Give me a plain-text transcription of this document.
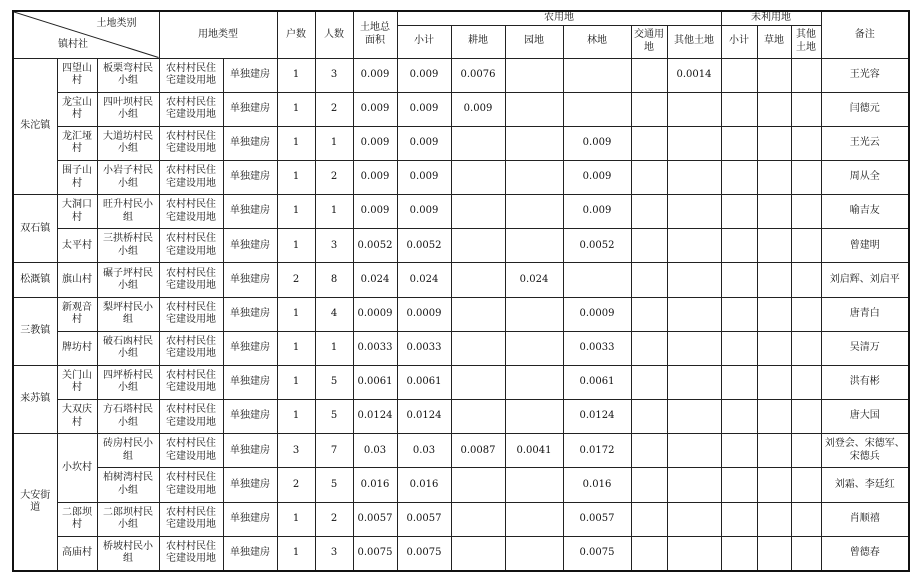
土地类别
镇村社			用地类型		户数	人数	土地总面积	农用地						未利用地			备注
								小计	耕地	园地	林地	交通用地	其他土地	小计	草地	其他土地	
朱沱镇	四望山村	板栗弯村民小组	农村村民住宅建设用地	单独建房	1	3	0.009	0.009	0.0076				0.0014				王光容
	龙宝山村	四叶坝村民小组	农村村民住宅建设用地	单独建房	1	2	0.009	0.009	0.009								闫德元
	龙汇垭村	大道坊村民小组	农村村民住宅建设用地	单独建房	1	1	0.009	0.009			0.009						王光云
	围子山村	小岩子村民小组	农村村民住宅建设用地	单独建房	1	2	0.009	0.009			0.009						周从全
双石镇	大洞口村	旺升村民小组	农村村民住宅建设用地	单独建房	1	1	0.009	0.009			0.009						喻吉友
	太平村	三拱桥村民小组	农村村民住宅建设用地	单独建房	1	3	0.0052	0.0052			0.0052						曾建明
松溉镇	旗山村	碾子坪村民小组	农村村民住宅建设用地	单独建房	2	8	0.024	0.024		0.024							刘启辉、刘启平
三教镇	新观音村	梨坪村民小组	农村村民住宅建设用地	单独建房	1	4	0.0009	0.0009			0.0009						唐青白
	牌坊村	破石凼村民小组	农村村民住宅建设用地	单独建房	1	1	0.0033	0.0033			0.0033						吴清万
来苏镇	关门山村	四坪桥村民小组	农村村民住宅建设用地	单独建房	1	5	0.0061	0.0061			0.0061						洪有彬
	大双庆村	方石塔村民小组	农村村民住宅建设用地	单独建房	1	5	0.0124	0.0124			0.0124						唐大国
大安街道	小坎村	砖房村民小组	农村村民住宅建设用地	单独建房	3	7	0.03	0.03	0.0087	0.0041	0.0172						刘登会、宋德军、宋德兵
		柏树湾村民小组	农村村民住宅建设用地	单独建房	2	5	0.016	0.016			0.016						刘霜、李廷红
	二郎坝村	二郎坝村民小组	农村村民住宅建设用地	单独建房	1	2	0.0057	0.0057			0.0057						肖顺禧
	高庙村	桥坡村民小组	农村村民住宅建设用地	单独建房	1	3	0.0075	0.0075			0.0075						曾德春
